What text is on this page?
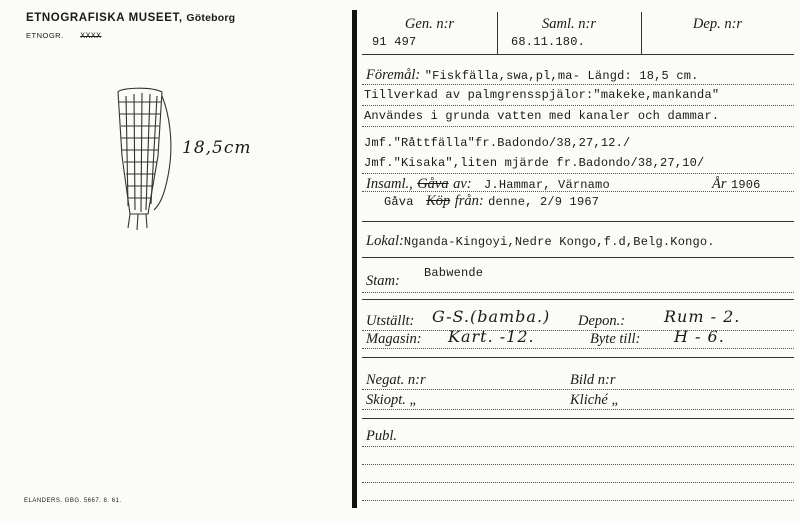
ETNOGRAFISKA MUSEET, Göteborg
ETNOGR. XXXX
18,5cm
ELANDERS. GBG. 5667. 8. 61.
Gen. n:r	Saml. n:r	Dep. n:r
91 497	68.11.180.
Föremål: "Fiskfälla,swa,pl,ma- Längd: 18,5 cm.
Tillverkad av palmgrensspjälor:"makeke,mankanda"
Användes i grunda vatten med kanaler och dammar.
Jmf."Råttfälla"fr.Badondo/38,27,12./
Jmf."Kisaka",liten mjärde fr.Badondo/38,27,10/
Insaml., Gåva av: J.Hammar, Värnamo	År 1906
Gåva Köp från: denne, 2/9 1967
Lokal:Nganda-Kingoyi,Nedre Kongo,f.d,Belg.Kongo.
Babwende
Stam:
Utställt: G-S.(bamba.) Depon.: Rum - 2.
Magasin: Kart. -12.	Byte till: H - 6.
Negat. n:r	Bild n:r
Skiopt. „	Kliché „
Publ.
